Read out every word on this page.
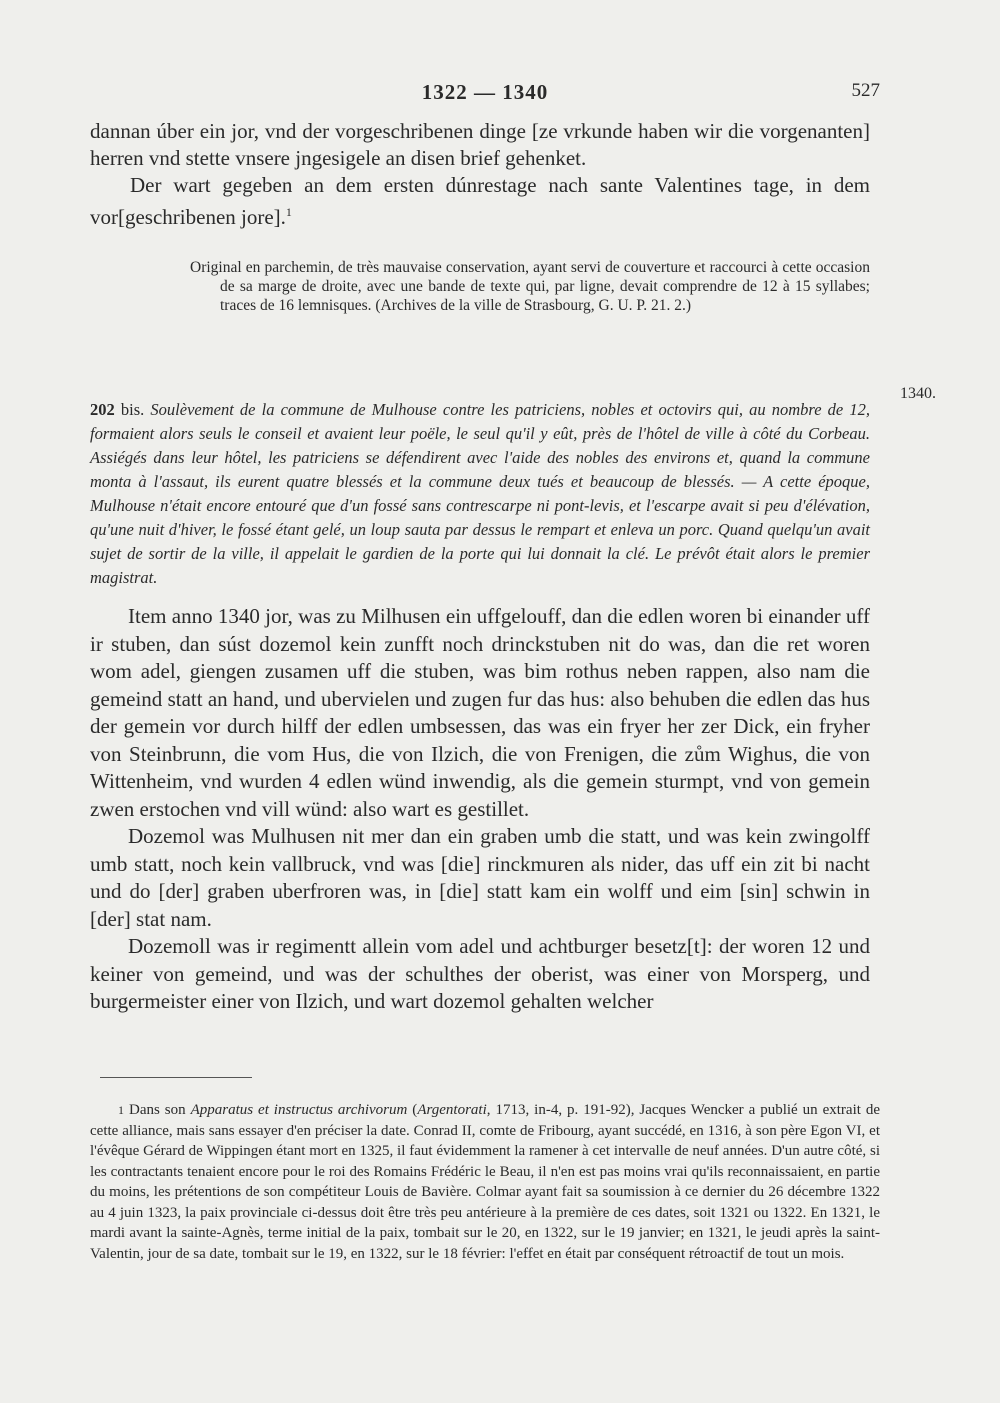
1322 — 1340	527

dannan úber ein jor, vnd der vorgeschribenen dinge [ze vrkunde haben wir die vorgenanten] herren vnd stette vnsere jngesigele an disen brief gehenket.

Der wart gegeben an dem ersten dúnrestage nach sante Valentines tage, in dem vor[geschribenen jore].$^1$

Original en parchemin, de très mauvaise conservation, ayant servi de couverture et raccourci à cette occasion de sa marge de droite, avec une bande de texte qui, par ligne, devait comprendre de 12 à 15 syllabes; traces de 16 lemnisques. (Archives de la ville de Strasbourg, G. U. P. 21. 2.)

1340.
202 bis. Soulèvement de la commune de Mulhouse contre les patriciens, nobles et octovirs qui, au nombre de 12, formaient alors seuls le conseil et avaient leur poële, le seul qu'il y eût, près de l'hôtel de ville à côté du Corbeau. Assiégés dans leur hôtel, les patriciens se défendirent avec l'aide des nobles des environs et, quand la commune monta à l'assaut, ils eurent quatre blessés et la commune deux tués et beaucoup de blessés. — A cette époque, Mulhouse n'était encore entouré que d'un fossé sans contrescarpe ni pont-levis, et l'escarpe avait si peu d'élévation, qu'une nuit d'hiver, le fossé étant gelé, un loup sauta par dessus le rempart et enleva un porc. Quand quelqu'un avait sujet de sortir de la ville, il appelait le gardien de la porte qui lui donnait la clé. Le prévôt était alors le premier magistrat.

Item anno 1340 jor, was zu Milhusen ein uffgelouff, dan die edlen woren bi einander uff ir stuben, dan súst dozemol kein zunfft noch drinckstuben nit do was, dan die ret woren wom adel, giengen zusamen uff die stuben, was bim rothus neben rappen, also nam die gemeind statt an hand, und ubervielen und zugen fur das hus: also behuben die edlen das hus der gemein vor durch hilff der edlen umbsessen, das was ein fryer her zer Dick, ein fryher von Steinbrunn, die vom Hus, die von Ilzich, die von Frenigen, die zům Wighus, die von Wittenheim, vnd wurden 4 edlen wünd inwendig, als die gemein sturmpt, vnd von gemein zwen erstochen vnd vill wünd: also wart es gestillet.

Dozemol was Mulhusen nit mer dan ein graben umb die statt, und was kein zwingolff umb statt, noch kein vallbruck, vnd was [die] rinckmuren als nider, das uff ein zit bi nacht und do [der] graben uberfroren was, in [die] statt kam ein wolff und eim [sin] schwin in [der] stat nam.

Dozemoll was ir regimentt allein vom adel und achtburger besetz[t]: der woren 12 und keiner von gemeind, und was der schulthes der oberist, was einer von Morsperg, und burgermeister einer von Ilzich, und wart dozemol gehalten welcher

1 Dans son Apparatus et instructus archivorum (Argentorati, 1713, in-4, p. 191-92), Jacques Wencker a publié un extrait de cette alliance, mais sans essayer d'en préciser la date. Conrad II, comte de Fribourg, ayant succédé, en 1316, à son père Egon VI, et l'évêque Gérard de Wippingen étant mort en 1325, il faut évidemment la ramener à cet intervalle de neuf années. D'un autre côté, si les contractants tenaient encore pour le roi des Romains Frédéric le Beau, il n'en est pas moins vrai qu'ils reconnaissaient, en partie du moins, les prétentions de son compétiteur Louis de Bavière. Colmar ayant fait sa soumission à ce dernier du 26 décembre 1322 au 4 juin 1323, la paix provinciale ci-dessus doit être très peu antérieure à la première de ces dates, soit 1321 ou 1322. En 1321, le mardi avant la sainte-Agnès, terme initial de la paix, tombait sur le 20, en 1322, sur le 19 janvier; en 1321, le jeudi après la saint-Valentin, jour de sa date, tombait sur le 19, en 1322, sur le 18 février: l'effet en était par conséquent rétroactif de tout un mois.
